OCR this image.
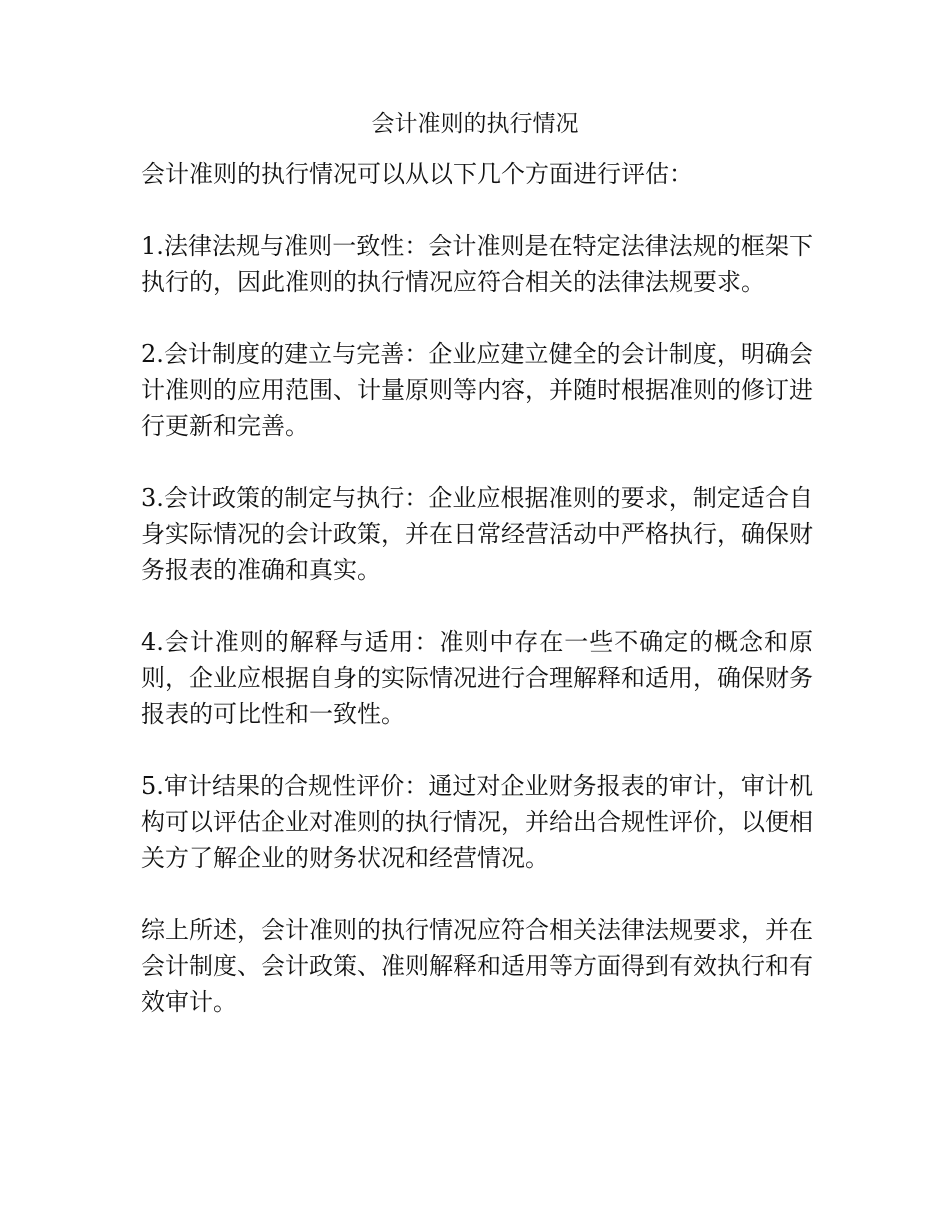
会计准则的执行情况

会计准则的执行情况可以从以下几个方面进行评估：

1.法律法规与准则一致性：会计准则是在特定法律法规的框架下执行的，因此准则的执行情况应符合相关的法律法规要求。

2.会计制度的建立与完善：企业应建立健全的会计制度，明确会计准则的应用范围、计量原则等内容，并随时根据准则的修订进行更新和完善。

3.会计政策的制定与执行：企业应根据准则的要求，制定适合自身实际情况的会计政策，并在日常经营活动中严格执行，确保财务报表的准确和真实。

4.会计准则的解释与适用：准则中存在一些不确定的概念和原则，企业应根据自身的实际情况进行合理解释和适用，确保财务报表的可比性和一致性。

5.审计结果的合规性评价：通过对企业财务报表的审计，审计机构可以评估企业对准则的执行情况，并给出合规性评价，以便相关方了解企业的财务状况和经营情况。

综上所述，会计准则的执行情况应符合相关法律法规要求，并在会计制度、会计政策、准则解释和适用等方面得到有效执行和有效审计。
